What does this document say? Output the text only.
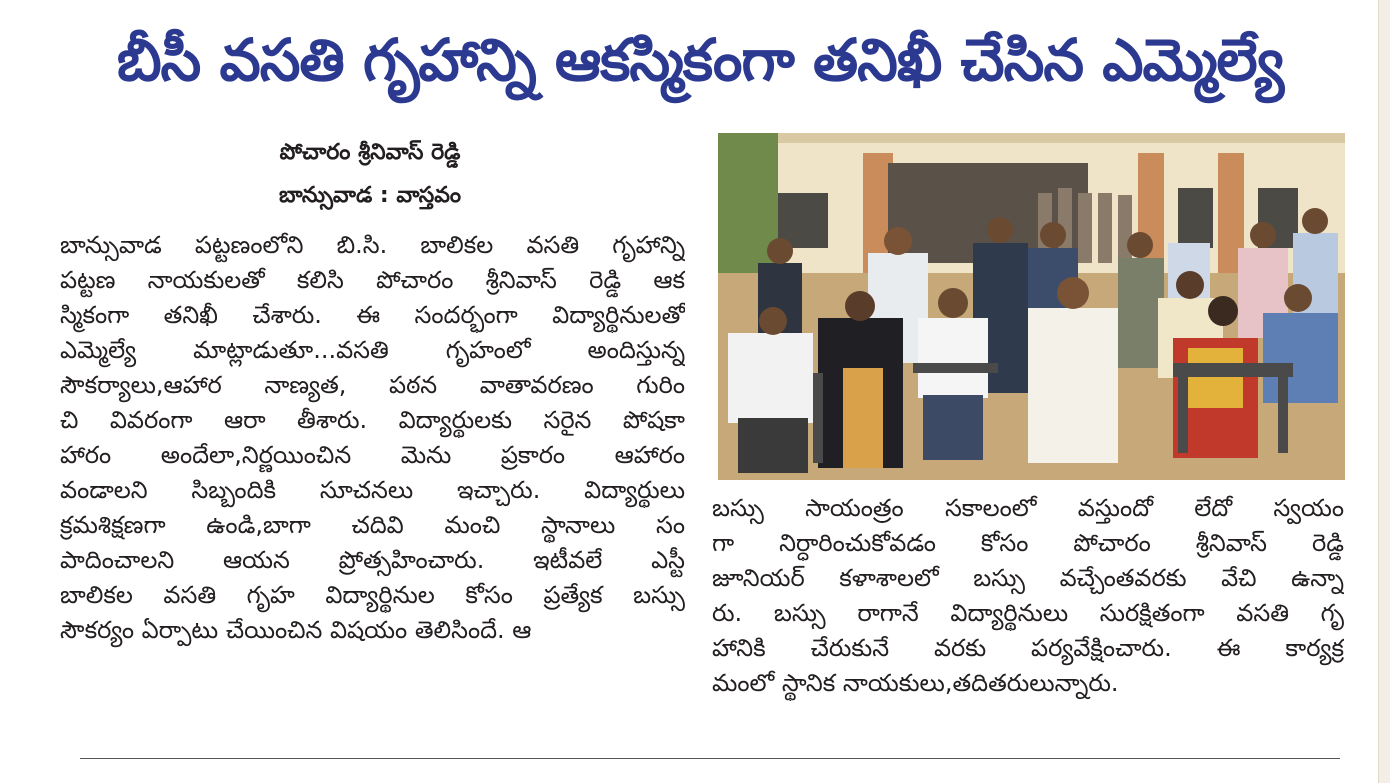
బీసీ వసతి గృహాన్ని ఆకస్మికంగా తనిఖీ చేసిన ఎమ్మెల్యే
పోచారం శ్రీనివాస్ రెడ్డి
బాన్సువాడ : వాస్తవం
బాన్సువాడ పట్టణంలోని బి.సి. బాలికల వసతి గృహాన్ని
పట్టణ నాయకులతో కలిసి పోచారం శ్రీనివాస్ రెడ్డి ఆక
స్మికంగా తనిఖీ చేశారు. ఈ సందర్భంగా విద్యార్థినులతో
ఎమ్మెల్యే మాట్లాడుతూ...వసతి గృహంలో అందిస్తున్న
సౌకర్యాలు,ఆహార నాణ్యత, పఠన వాతావరణం గురిం
చి వివరంగా ఆరా తీశారు. విద్యార్థులకు సరైన పోషకా
హారం అందేలా,నిర్ణయించిన మెను ప్రకారం ఆహారం
వండాలని సిబ్బందికి సూచనలు ఇచ్చారు. విద్యార్థులు
క్రమశిక్షణగా ఉండి,బాగా చదివి మంచి స్థానాలు సం
పాదించాలని ఆయన ప్రోత్సహించారు. ఇటీవలే ఎస్టీ
బాలికల వసతి గృహ విద్యార్థినుల కోసం ప్రత్యేక బస్సు
సౌకర్యం ఏర్పాటు చేయించిన విషయం తెలిసిందే. ఆ
బస్సు సాయంత్రం సకాలంలో వస్తుందో లేదో స్వయం
గా నిర్ధారించుకోవడం కోసం పోచారం శ్రీనివాస్ రెడ్డి
జూనియర్ కళాశాలలో బస్సు వచ్చేంతవరకు వేచి ఉన్నా
రు. బస్సు రాగానే విద్యార్థినులు సురక్షితంగా వసతి గృ
హానికి చేరుకునే వరకు పర్యవేక్షించారు. ఈ కార్యక్ర
మంలో స్థానిక నాయకులు,తదితరులున్నారు.
